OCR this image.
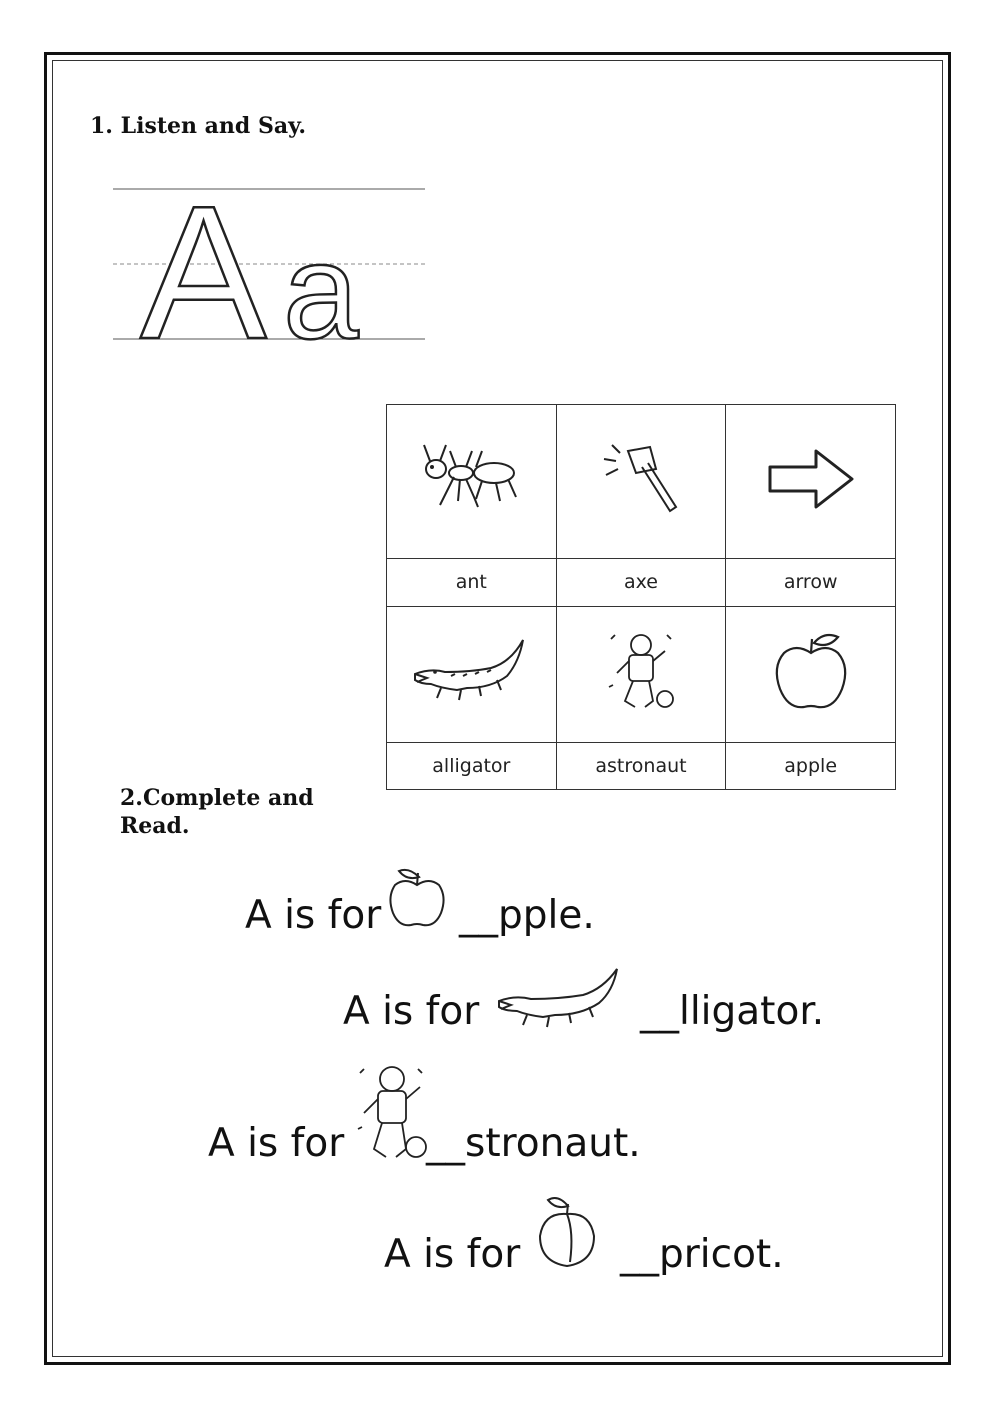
1. Listen and Say.
A a

ant	axe	arrow

alligator	astronaut	apple
2.Complete and Read.
A is for __pple.
A is for	__lligator.
A is for __stronaut.
A is for	__pricot.
